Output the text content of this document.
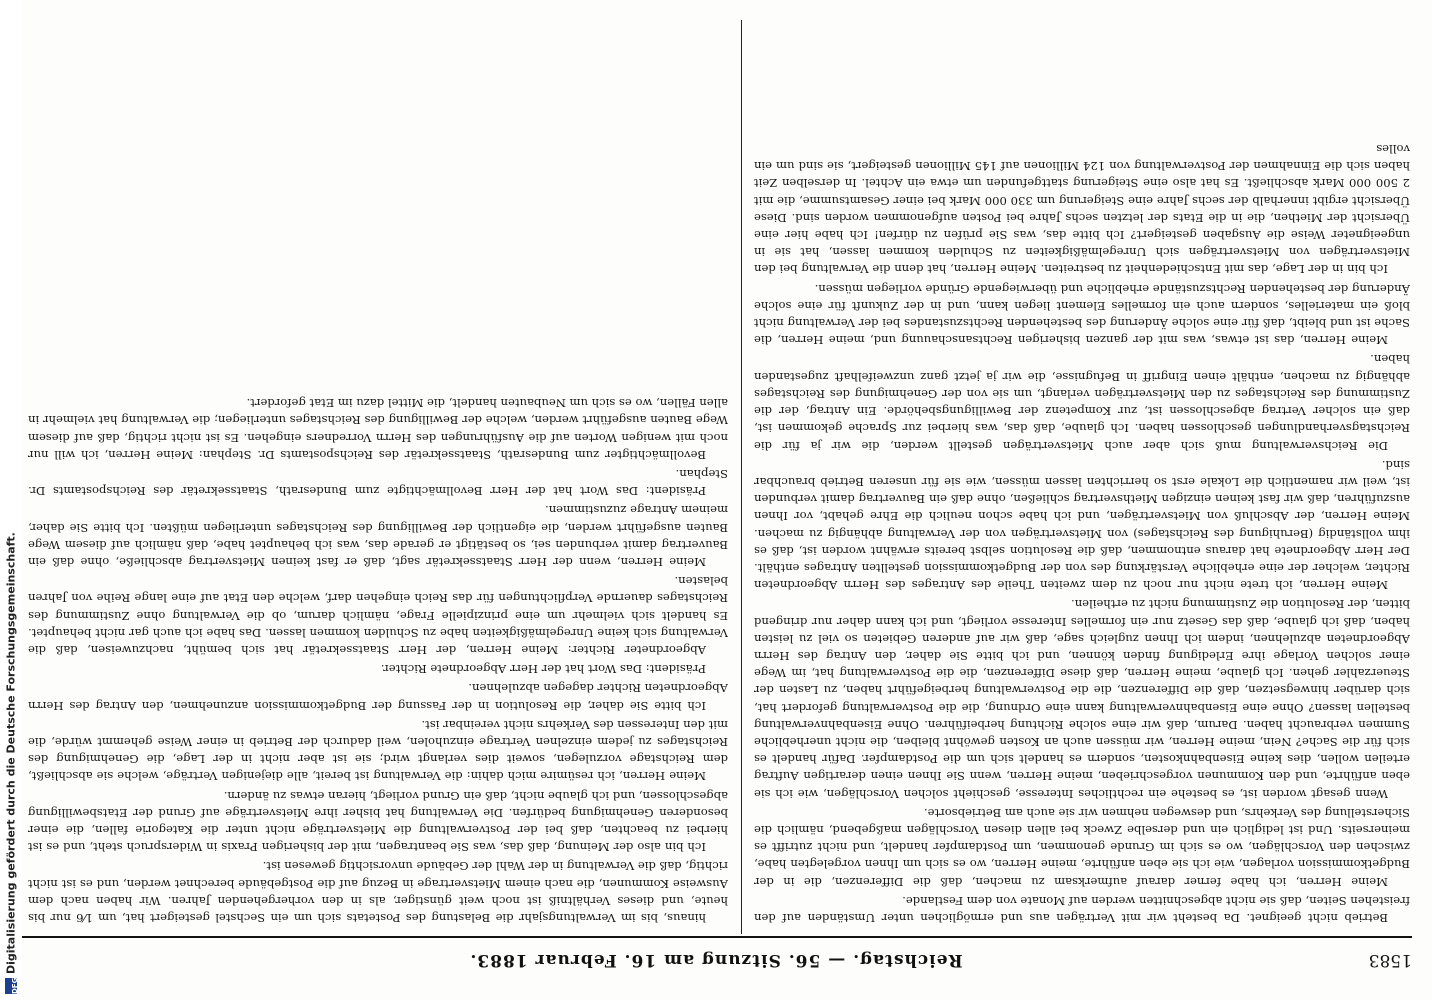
1583
Reichstag. — 56. Sitzung am 16. Februar 1883.

Betrieb nicht geeignet. Da besteht wir mit Verträgen aus und ermöglichen unter Umständen auf den freistehen Seiten, daß sie nicht abgeschnitten werden auf Monate von dem Festlande.

Meine Herren, ich habe ferner darauf aufmerksam zu machen, daß die Differenzen, die in der Budgetkommission vorlagen, wie ich sie eben anführte, meine Herren, wo es sich um Ihnen vorgelegten habe, zwischen den Vorschlägen, wo es sich im Grunde genommen, um Postdampfer handelt, und nicht zutrifft es meinerseits. Und ist lediglich ein und derselbe Zweck bei allen diesen Vorschlägen maßgebend, nämlich die Sicherstellung des Verkehrs, und deswegen nehmen wir sie auch am Betriebsorte.

Wenn gesagt worden ist, es bestehe ein rechtliches Interesse, geschieht solchen Vorschlägen, wie ich sie eben anführte, und den Kommunen vorgeschrieben, meine Herren, wenn Sie Ihnen einen derartigen Auftrag erteilen wollen, dies keine Eisenbahnkosten, sondern es handelt sich um die Postdampfer. Dafür handelt es sich für die Sache? Nein, meine Herren, wir müssen auch an Kosten gewöhnt bleiben, die nicht unerhebliche Summen verbraucht haben. Darum, daß wir eine solche Richtung herbeiführen. Ohne Eisenbahnverwaltung bestellen lassen? Ohne eine Eisenbahnverwaltung kann eine Ordnung, die die Postverwaltung gefordert hat, sich darüber hinwegsetzen, daß die Differenzen, die die Postverwaltung herbeigeführt haben, zu Lasten der Steuerzahler gehen. Ich glaube, meine Herren, daß diese Differenzen, die die Postverwaltung hat, im Wege einer solchen Vorlage ihre Erledigung finden können, und ich bitte Sie daher, den Antrag des Herrn Abgeordneten abzulehnen, indem ich Ihnen zugleich sage, daß wir auf anderen Gebieten so viel zu leisten haben, daß ich glaube, daß das Gesetz nur ein formelles Interesse vorliegt, und ich kann daher nur dringend bitten, der Resolution die Zustimmung nicht zu ertheilen.

Meine Herren, ich trete nicht nur noch zu dem zweiten Theile des Antrages des Herrn Abgeordneten Richter, welcher der eine erhebliche Verstärkung des von der Budgetkommission gestellten Antrages enthält. Der Herr Abgeordnete hat daraus entnommen, daß die Resolution selbst bereits erwähnt worden ist, daß es ihm vollständig (Beruhigung des Reichstages) von Mietsverträgen von der Verwaltung abhängig zu machen. Meine Herren, der Abschluß von Mietsverträgen, und ich habe schon neulich die Ehre gehabt, vor Ihnen auszuführen, daß wir fast keinen einzigen Miethsvertrag schließen, ohne daß ein Bauvertrag damit verbunden ist, weil wir namentlich die Lokale erst so herrichten lassen müssen, wie sie für unseren Betrieb brauchbar sind.

Die Reichsverwaltung muß sich aber auch Mietsverträgen gestellt werden, die wir ja für die Reichstagsverhandlungen geschlossen haben. Ich glaube, daß das, was hierbei zur Sprache gekommen ist, daß ein solcher Vertrag abgeschlossen ist, zur Kompetenz der Bewilligungsbehörde. Ein Antrag, der die Zustimmung des Reichstages zu den Mietsverträgen verlangt, um sie von der Genehmigung des Reichstages abhängig zu machen, enthält einen Eingriff in Befugnisse, die wir ja jetzt ganz unzweifelhaft zugestanden haben.

Meine Herren, das ist etwas, was mit der ganzen bisherigen Rechtsanschauung und, meine Herren, die Sache ist und bleibt, daß für eine solche Änderung des bestehenden Rechtszustandes bei der Verwaltung nicht bloß ein materielles, sondern auch ein formelles Element liegen kann, und in der Zukunft für eine solche Änderung der bestehenden Rechtszustände erhebliche und überwiegende Gründe vorliegen müssen.

Ich bin in der Lage, das mit Entschiedenheit zu bestreiten. Meine Herren, hat denn die Verwaltung bei den Mietsverträgen von Mietsverträgen sich Unregelmäßigkeiten zu Schulden kommen lassen, hat sie in ungeeigneter Weise die Ausgaben gesteigert? Ich bitte das, was Sie prüfen zu dürfen! Ich habe hier eine Übersicht der Miethen, die in die Etats der letzten sechs Jahre bei Posten aufgenommen worden sind. Diese Übersicht ergibt innerhalb der sechs Jahre eine Steigerung um 330 000 Mark bei einer Gesamtsumme, die mit 2 500 000 Mark abschließt. Es hat also eine Steigerung stattgefunden um etwa ein Achtel. In derselben Zeit haben sich die Einnahmen der Postverwaltung von 124 Millionen auf 145 Millionen gesteigert, sie sind um ein volles

hinaus, bis im Verwaltungsjahr die Belastung des Postetats sich um ein Sechstel gesteigert hat, um 1⁄6 nur bis heute, und dieses Verhältniß ist noch weit günstiger, als in den vorhergehenden Jahren. Wir haben nach dem Ausweise Kommunen, die nach einem Mietsvertrage in Bezug auf die Postgebäude berechnet werden, und es ist nicht richtig, daß die Verwaltung in der Wahl der Gebäude unvorsichtig gewesen ist.

Ich bin also der Meinung, daß das, was Sie beantragen, mit der bisherigen Praxis in Widerspruch steht, und es ist hierbei zu beachten, daß bei der Postverwaltung die Mietsverträge nicht unter die Kategorie fallen, die einer besonderen Genehmigung bedürfen. Die Verwaltung hat bisher ihre Mietsverträge auf Grund der Etatsbewilligung abgeschlossen, und ich glaube nicht, daß ein Grund vorliegt, hieran etwas zu ändern.

Meine Herren, ich resümire mich dahin: die Verwaltung ist bereit, alle diejenigen Verträge, welche sie abschließt, dem Reichstage vorzulegen, soweit dies verlangt wird; sie ist aber nicht in der Lage, die Genehmigung des Reichstages zu jedem einzelnen Vertrage einzuholen, weil dadurch der Betrieb in einer Weise gehemmt würde, die mit den Interessen des Verkehrs nicht vereinbar ist.

Ich bitte Sie daher, die Resolution in der Fassung der Budgetkommission anzunehmen, den Antrag des Herrn Abgeordneten Richter dagegen abzulehnen.

Präsident: Das Wort hat der Herr Abgeordnete Richter.

Abgeordneter Richter: Meine Herren, der Herr Staatssekretär hat sich bemüht, nachzuweisen, daß die Verwaltung sich keine Unregelmäßigkeiten habe zu Schulden kommen lassen. Das habe ich auch gar nicht behauptet. Es handelt sich vielmehr um eine prinzipielle Frage, nämlich darum, ob die Verwaltung ohne Zustimmung des Reichstages dauernde Verpflichtungen für das Reich eingehen darf, welche den Etat auf eine lange Reihe von Jahren belasten.

Meine Herren, wenn der Herr Staatssekretär sagt, daß er fast keinen Mietsvertrag abschließe, ohne daß ein Bauvertrag damit verbunden sei, so bestätigt er gerade das, was ich behauptet habe, daß nämlich auf diesem Wege Bauten ausgeführt werden, die eigentlich der Bewilligung des Reichstages unterliegen müßten. Ich bitte Sie daher, meinem Antrage zuzustimmen.

Präsident: Das Wort hat der Herr Bevollmächtigte zum Bundesrath, Staatssekretär des Reichspostamts Dr. Stephan.

Bevollmächtigter zum Bundesrath, Staatssekretär des Reichspostamts Dr. Stephan: Meine Herren, ich will nur noch mit wenigen Worten auf die Ausführungen des Herrn Vorredners eingehen. Es ist nicht richtig, daß auf diesem Wege Bauten ausgeführt werden, welche der Bewilligung des Reichstages unterliegen; die Verwaltung hat vielmehr in allen Fällen, wo es sich um Neubauten handelt, die Mittel dazu im Etat gefordert.

DFG
Digitalisierung gefördert durch die Deutsche Forschungsgemeinschaft.
